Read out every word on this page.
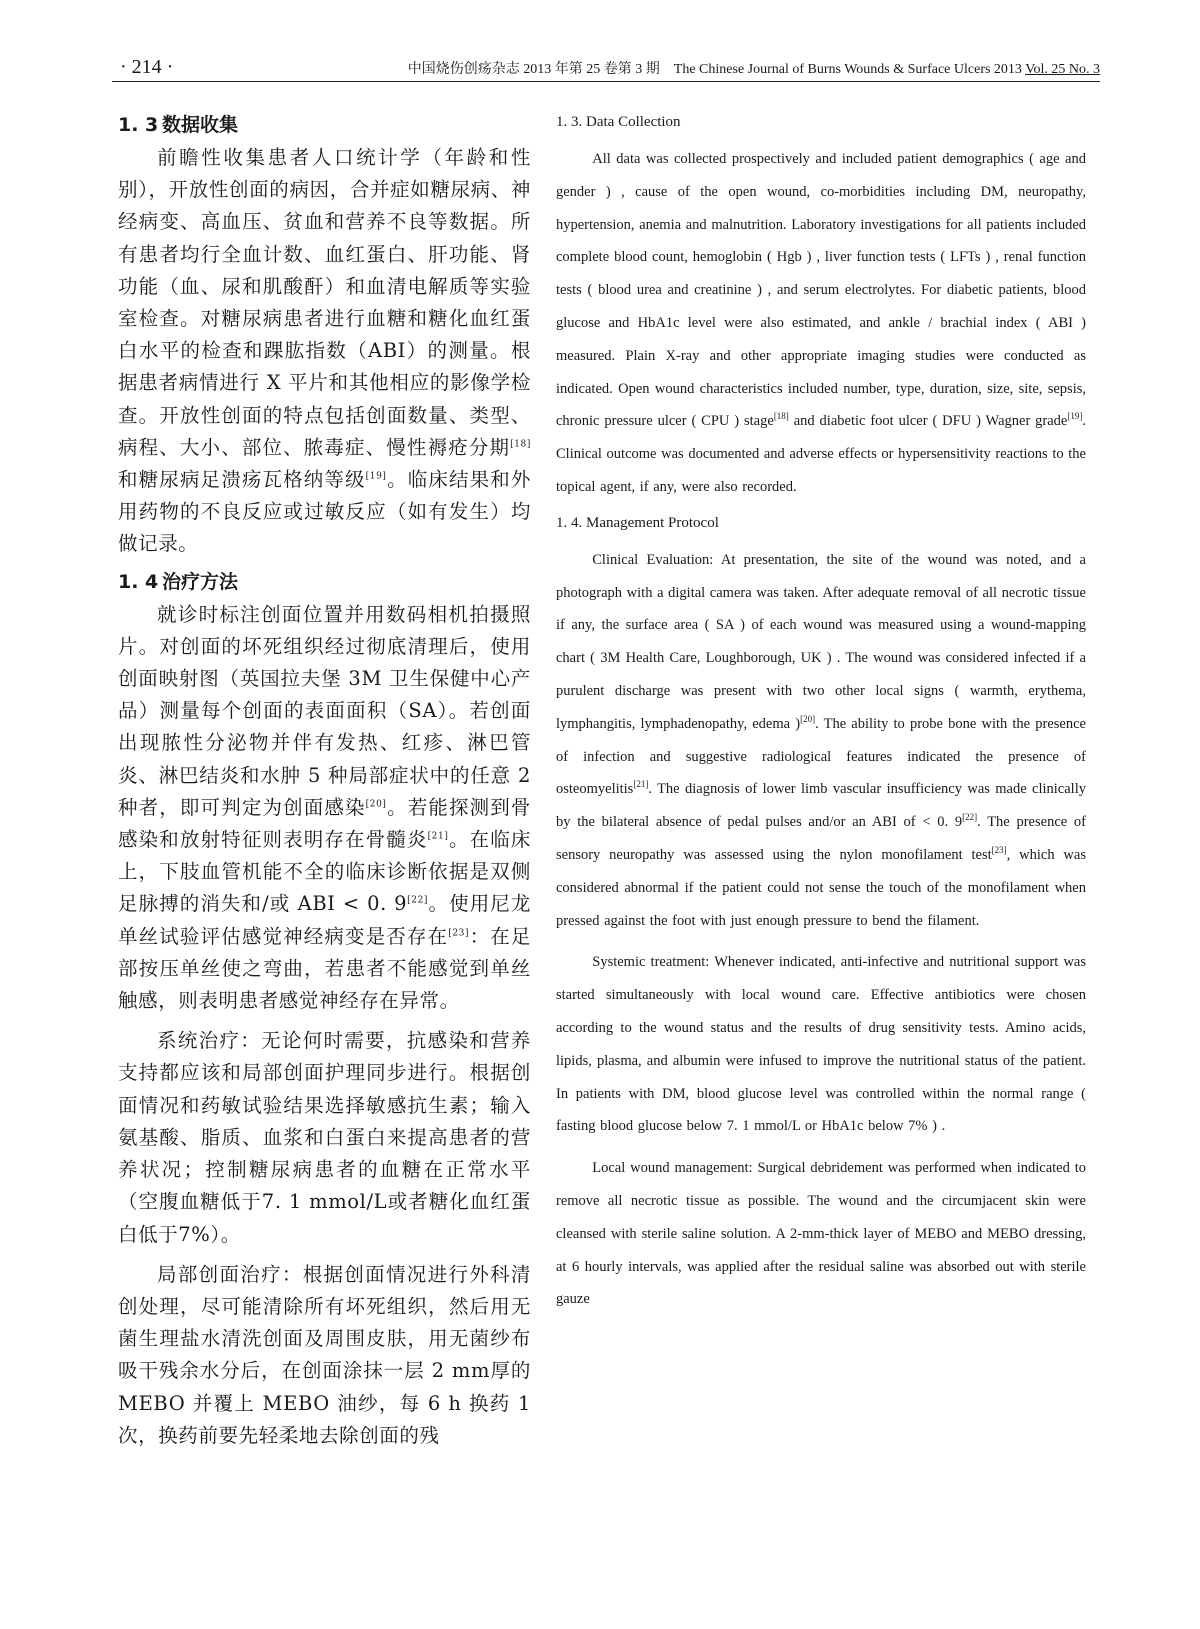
· 214 ·	中国烧伤创疡杂志 2013 年第 25 卷第 3 期　The Chinese Journal of Burns Wounds & Surface Ulcers 2013 Vol. 25 No. 3
1. 3 数据收集

前瞻性收集患者人口统计学（年龄和性别），开放性创面的病因，合并症如糖尿病、神经病变、高血压、贫血和营养不良等数据。所有患者均行全血计数、血红蛋白、肝功能、肾功能（血、尿和肌酸酐）和血清电解质等实验室检查。对糖尿病患者进行血糖和糖化血红蛋白水平的检查和踝肱指数（ABI）的测量。根据患者病情进行 X 平片和其他相应的影像学检查。开放性创面的特点包括创面数量、类型、病程、大小、部位、脓毒症、慢性褥疮分期[18]和糖尿病足溃疡瓦格纳等级[19]。临床结果和外用药物的不良反应或过敏反应（如有发生）均做记录。

1. 4 治疗方法

就诊时标注创面位置并用数码相机拍摄照片。对创面的坏死组织经过彻底清理后，使用创面映射图（英国拉夫堡 3M 卫生保健中心产品）测量每个创面的表面面积（SA）。若创面出现脓性分泌物并伴有发热、红疹、淋巴管炎、淋巴结炎和水肿 5 种局部症状中的任意 2 种者，即可判定为创面感染[20]。若能探测到骨感染和放射特征则表明存在骨髓炎[21]。在临床上，下肢血管机能不全的临床诊断依据是双侧足脉搏的消失和/或 ABI < 0. 9[22]。使用尼龙单丝试验评估感觉神经病变是否存在[23]：在足部按压单丝使之弯曲，若患者不能感觉到单丝触感，则表明患者感觉神经存在异常。

系统治疗：无论何时需要，抗感染和营养支持都应该和局部创面护理同步进行。根据创面情况和药敏试验结果选择敏感抗生素；输入氨基酸、脂质、血浆和白蛋白来提高患者的营养状况；控制糖尿病患者的血糖在正常水平（空腹血糖低于7. 1 mmol/L或者糖化血红蛋白低于7%）。

局部创面治疗：根据创面情况进行外科清创处理，尽可能清除所有坏死组织，然后用无菌生理盐水清洗创面及周围皮肤，用无菌纱布吸干残余水分后，在创面涂抹一层 2 mm厚的 MEBO 并覆上 MEBO 油纱，每 6 h 换药 1 次，换药前要先轻柔地去除创面的残

1. 3. Data Collection

All data was collected prospectively and included patient demographics ( age and gender ) , cause of the open wound, co-morbidities including DM, neuropathy, hypertension, anemia and malnutrition. Laboratory investigations for all patients included complete blood count, hemoglobin ( Hgb ) , liver function tests ( LFTs ) , renal function tests ( blood urea and creatinine ) , and serum electrolytes. For diabetic patients, blood glucose and HbA1c level were also estimated, and ankle / brachial index ( ABI ) measured. Plain X-ray and other appropriate imaging studies were conducted as indicated. Open wound characteristics included number, type, duration, size, site, sepsis, chronic pressure ulcer ( CPU ) stage[18] and diabetic foot ulcer ( DFU ) Wagner grade[19]. Clinical outcome was documented and adverse effects or hypersensitivity reactions to the topical agent, if any, were also recorded.

1. 4. Management Protocol

Clinical Evaluation: At presentation, the site of the wound was noted, and a photograph with a digital camera was taken. After adequate removal of all necrotic tissue if any, the surface area ( SA ) of each wound was measured using a wound-mapping chart ( 3M Health Care, Loughborough, UK ) . The wound was considered infected if a purulent discharge was present with two other local signs ( warmth, erythema, lymphangitis, lymphadenopathy, edema )[20]. The ability to probe bone with the presence of infection and suggestive radiological features indicated the presence of osteomyelitis[21]. The diagnosis of lower limb vascular insufficiency was made clinically by the bilateral absence of pedal pulses and/or an ABI of < 0. 9[22]. The presence of sensory neuropathy was assessed using the nylon monofilament test[23], which was considered abnormal if the patient could not sense the touch of the monofilament when pressed against the foot with just enough pressure to bend the filament.

Systemic treatment: Whenever indicated, anti-infective and nutritional support was started simultaneously with local wound care. Effective antibiotics were chosen according to the wound status and the results of drug sensitivity tests. Amino acids, lipids, plasma, and albumin were infused to improve the nutritional status of the patient. In patients with DM, blood glucose level was controlled within the normal range ( fasting blood glucose below 7. 1 mmol/L or HbA1c below 7% ) .

Local wound management: Surgical debridement was performed when indicated to remove all necrotic tissue as possible. The wound and the circumjacent skin were cleansed with sterile saline solution. A 2-mm-thick layer of MEBO and MEBO dressing, at 6 hourly intervals, was applied after the residual saline was absorbed out with sterile gauze
